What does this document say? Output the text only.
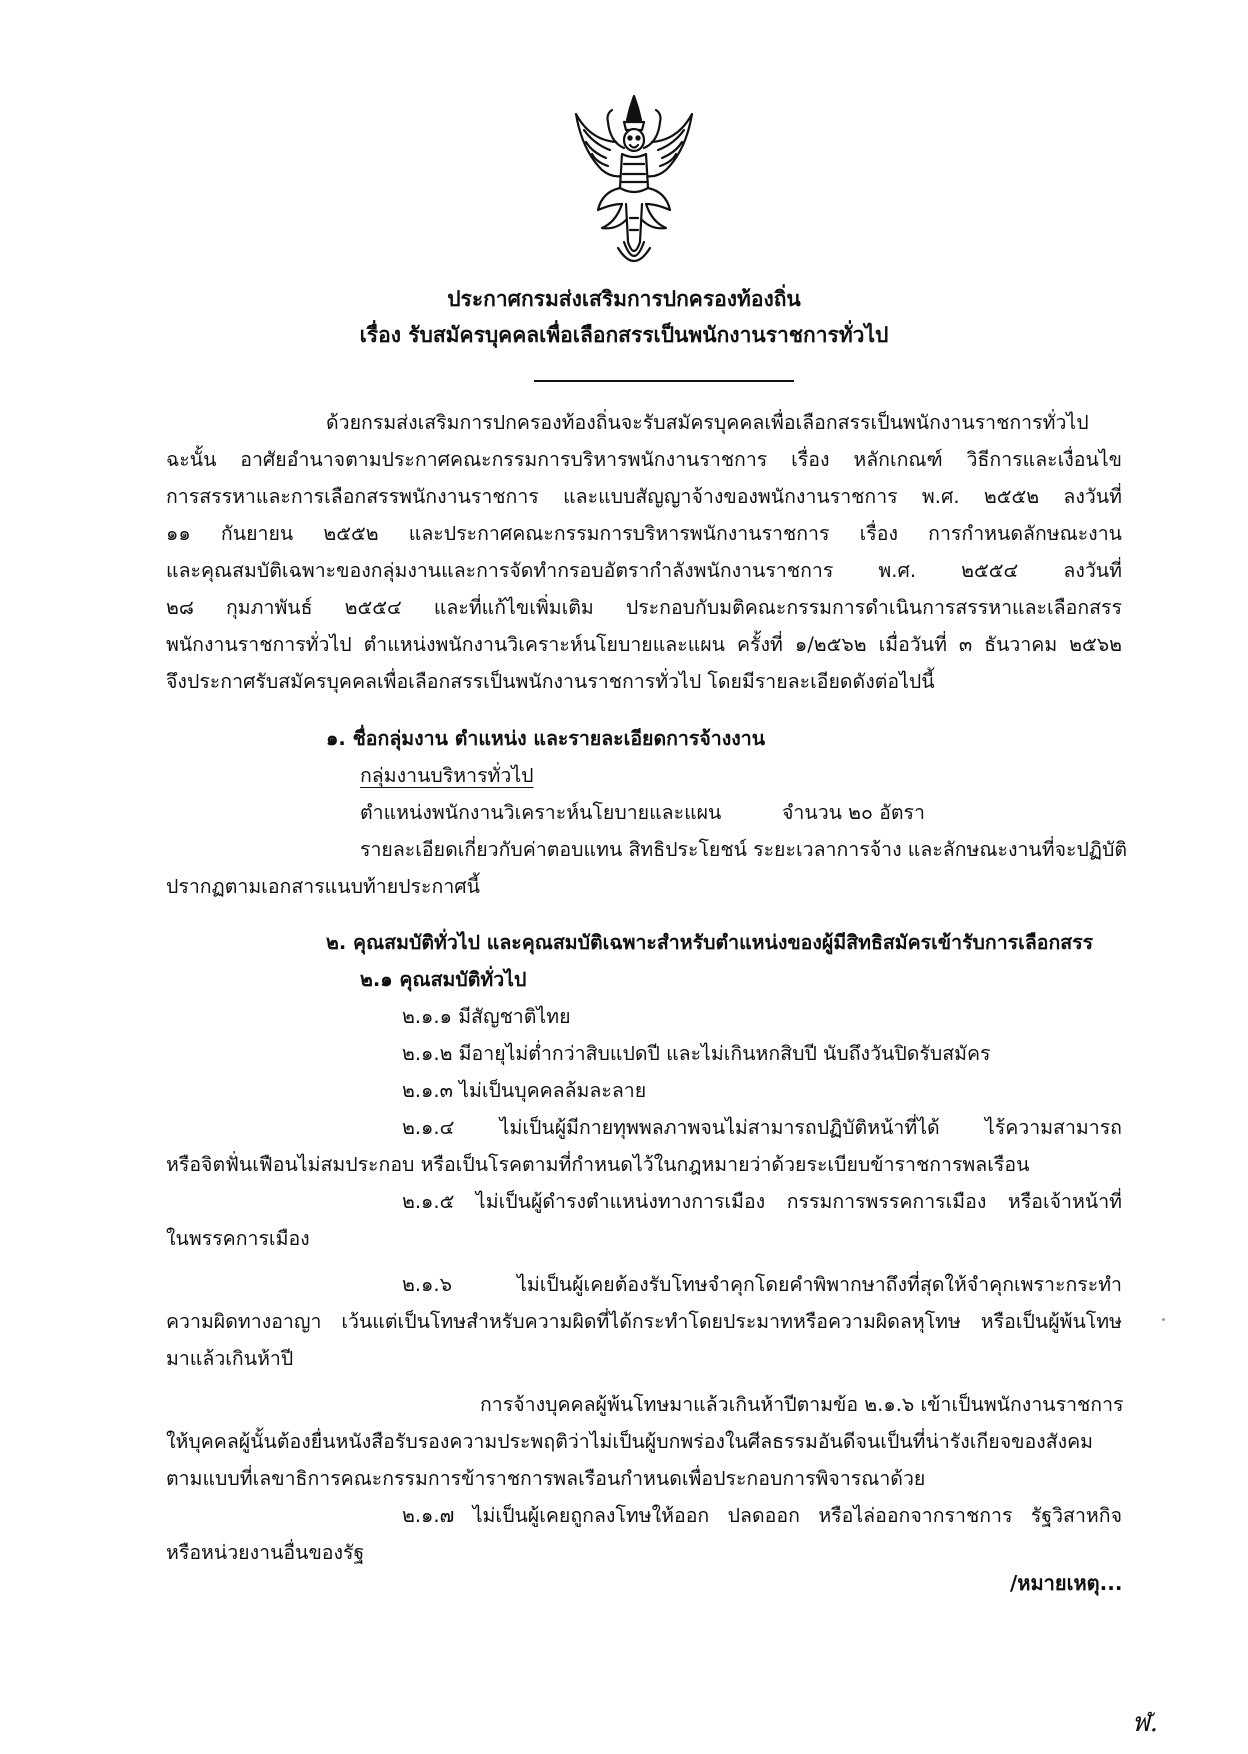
ประกาศกรมส่งเสริมการปกครองท้องถิ่น
เรื่อง รับสมัครบุคคลเพื่อเลือกสรรเป็นพนักงานราชการทั่วไป
ด้วยกรมส่งเสริมการปกครองท้องถิ่นจะรับสมัครบุคคลเพื่อเลือกสรรเป็นพนักงานราชการทั่วไป
ฉะนั้น อาศัยอำนาจตามประกาศคณะกรรมการบริหารพนักงานราชการ เรื่อง หลักเกณฑ์ วิธีการและเงื่อนไข
การสรรหาและการเลือกสรรพนักงานราชการ และแบบสัญญาจ้างของพนักงานราชการ พ.ศ. ๒๕๕๒ ลงวันที่
๑๑ กันยายน ๒๕๕๒ และประกาศคณะกรรมการบริหารพนักงานราชการ เรื่อง การกำหนดลักษณะงาน
และคุณสมบัติเฉพาะของกลุ่มงานและการจัดทำกรอบอัตรากำลังพนักงานราชการ พ.ศ. ๒๕๕๔ ลงวันที่
๒๘ กุมภาพันธ์ ๒๕๕๔ และที่แก้ไขเพิ่มเติม ประกอบกับมติคณะกรรมการดำเนินการสรรหาและเลือกสรร
พนักงานราชการทั่วไป ตำแหน่งพนักงานวิเคราะห์นโยบายและแผน ครั้งที่ ๑/๒๕๖๒ เมื่อวันที่ ๓ ธันวาคม ๒๕๖๒
จึงประกาศรับสมัครบุคคลเพื่อเลือกสรรเป็นพนักงานราชการทั่วไป โดยมีรายละเอียดดังต่อไปนี้
๑. ชื่อกลุ่มงาน ตำแหน่ง และรายละเอียดการจ้างงาน
กลุ่มงานบริหารทั่วไป
ตำแหน่งพนักงานวิเคราะห์นโยบายและแผน	จำนวน ๒๐ อัตรา
รายละเอียดเกี่ยวกับค่าตอบแทน สิทธิประโยชน์ ระยะเวลาการจ้าง และลักษณะงานที่จะปฏิบัติ
ปรากฏตามเอกสารแนบท้ายประกาศนี้
๒. คุณสมบัติทั่วไป และคุณสมบัติเฉพาะสำหรับตำแหน่งของผู้มีสิทธิสมัครเข้ารับการเลือกสรร
๒.๑ คุณสมบัติทั่วไป
๒.๑.๑ มีสัญชาติไทย
๒.๑.๒ มีอายุไม่ต่ำกว่าสิบแปดปี และไม่เกินหกสิบปี นับถึงวันปิดรับสมัคร
๒.๑.๓ ไม่เป็นบุคคลล้มละลาย
๒.๑.๔ ไม่เป็นผู้มีกายทุพพลภาพจนไม่สามารถปฏิบัติหน้าที่ได้ ไร้ความสามารถ
หรือจิตฟั่นเฟือนไม่สมประกอบ หรือเป็นโรคตามที่กำหนดไว้ในกฎหมายว่าด้วยระเบียบข้าราชการพลเรือน
๒.๑.๕ ไม่เป็นผู้ดำรงตำแหน่งทางการเมือง กรรมการพรรคการเมือง หรือเจ้าหน้าที่
ในพรรคการเมือง
๒.๑.๖ ไม่เป็นผู้เคยต้องรับโทษจำคุกโดยคำพิพากษาถึงที่สุดให้จำคุกเพราะกระทำ
ความผิดทางอาญา เว้นแต่เป็นโทษสำหรับความผิดที่ได้กระทำโดยประมาทหรือความผิดลหุโทษ หรือเป็นผู้พ้นโทษ
มาแล้วเกินห้าปี
การจ้างบุคคลผู้พ้นโทษมาแล้วเกินห้าปีตามข้อ ๒.๑.๖ เข้าเป็นพนักงานราชการ
ให้บุคคลผู้นั้นต้องยื่นหนังสือรับรองความประพฤติว่าไม่เป็นผู้บกพร่องในศีลธรรมอันดีจนเป็นที่น่ารังเกียจของสังคม
ตามแบบที่เลขาธิการคณะกรรมการข้าราชการพลเรือนกำหนดเพื่อประกอบการพิจารณาด้วย
๒.๑.๗ ไม่เป็นผู้เคยถูกลงโทษให้ออก ปลดออก หรือไล่ออกจากราชการ รัฐวิสาหกิจ
หรือหน่วยงานอื่นของรัฐ
/หมายเหตุ...
ฬ.
